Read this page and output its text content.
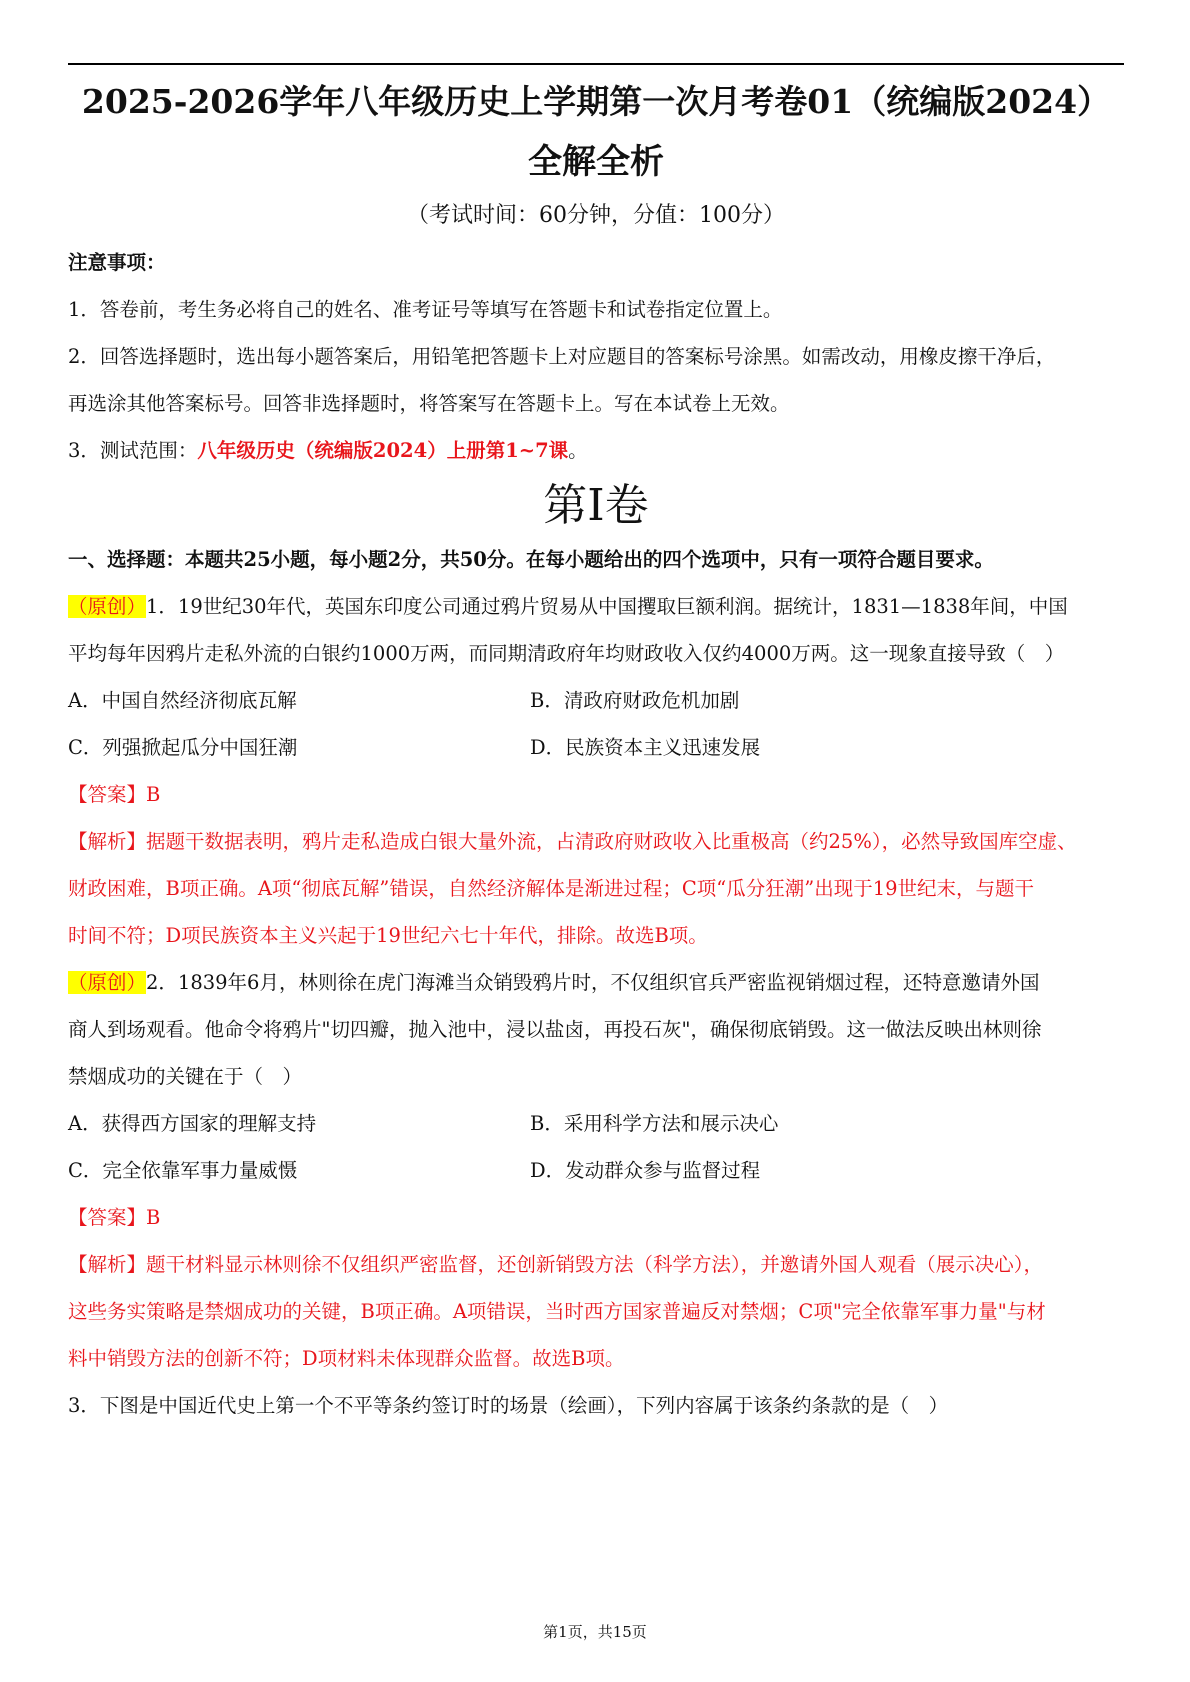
2025-2026学年八年级历史上学期第一次月考卷01（统编版2024）
全解全析
（考试时间：60分钟，分值：100分）
注意事项：
1．答卷前，考生务必将自己的姓名、准考证号等填写在答题卡和试卷指定位置上。
2．回答选择题时，选出每小题答案后，用铅笔把答题卡上对应题目的答案标号涂黑。如需改动，用橡皮擦干净后，
再选涂其他答案标号。回答非选择题时，将答案写在答题卡上。写在本试卷上无效。
3．测试范围：八年级历史（统编版2024）上册第1~7课。
第I卷
一、选择题：本题共25小题，每小题2分，共50分。在每小题给出的四个选项中，只有一项符合题目要求。
（原创）1．19世纪30年代，英国东印度公司通过鸦片贸易从中国攫取巨额利润。据统计，1831—1838年间，中国
平均每年因鸦片走私外流的白银约1000万两，而同期清政府年均财政收入仅约4000万两。这一现象直接导致（　）
A．中国自然经济彻底瓦解	B．清政府财政危机加剧
C．列强掀起瓜分中国狂潮	D．民族资本主义迅速发展
【答案】B
【解析】据题干数据表明，鸦片走私造成白银大量外流，占清政府财政收入比重极高（约25%），必然导致国库空虚、
财政困难，B项正确。A项“彻底瓦解”错误，自然经济解体是渐进过程；C项“瓜分狂潮”出现于19世纪末，与题干
时间不符；D项民族资本主义兴起于19世纪六七十年代，排除。故选B项。
（原创）2．1839年6月，林则徐在虎门海滩当众销毁鸦片时，不仅组织官兵严密监视销烟过程，还特意邀请外国
商人到场观看。他命令将鸦片"切四瓣，抛入池中，浸以盐卤，再投石灰"，确保彻底销毁。这一做法反映出林则徐
禁烟成功的关键在于（　）
A．获得西方国家的理解支持	B．采用科学方法和展示决心
C．完全依靠军事力量威慑	D．发动群众参与监督过程
【答案】B
【解析】题干材料显示林则徐不仅组织严密监督，还创新销毁方法（科学方法），并邀请外国人观看（展示决心），
这些务实策略是禁烟成功的关键，B项正确。A项错误，当时西方国家普遍反对禁烟；C项"完全依靠军事力量"与材
料中销毁方法的创新不符；D项材料未体现群众监督。故选B项。
3．下图是中国近代史上第一个不平等条约签订时的场景（绘画），下列内容属于该条约条款的是（　）
第1页，共15页
